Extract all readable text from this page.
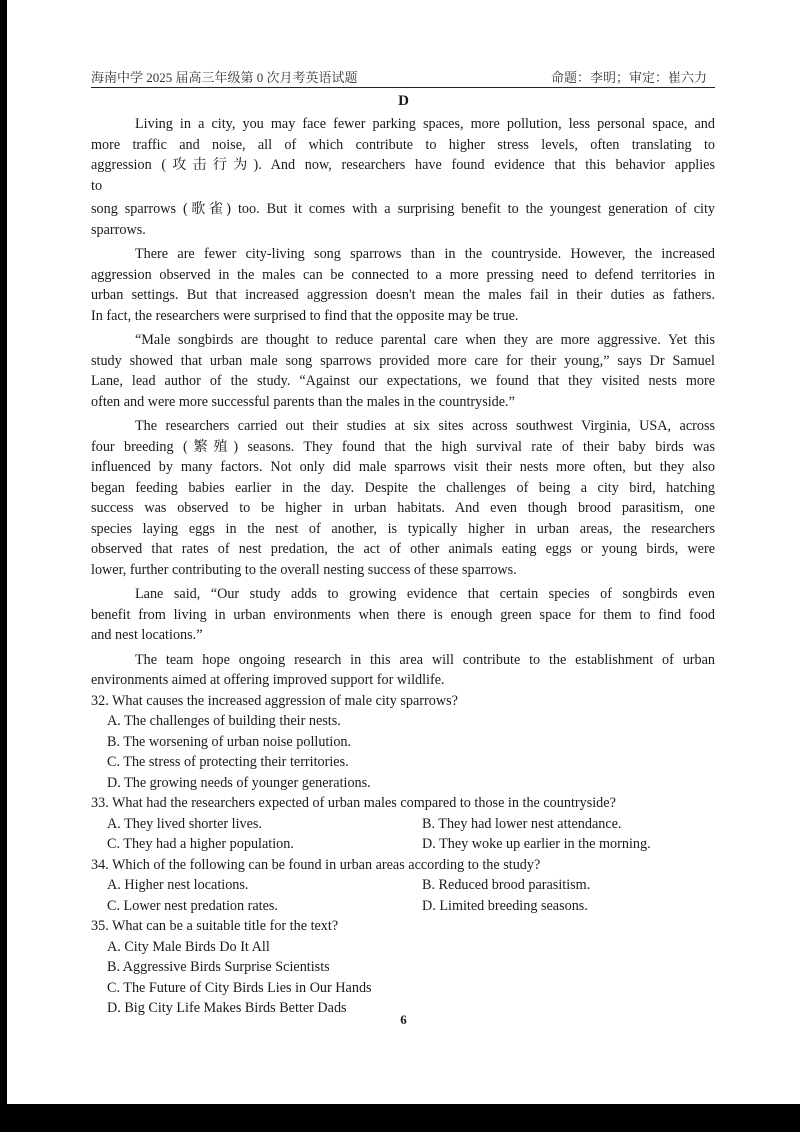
海南中学 2025 届高三年级第 0 次月考英语试题	命题：李明；审定：崔六力
D

Living in a city, you may face fewer parking spaces, more pollution, less personal space, and
more traffic and noise, all of which contribute to higher stress levels, often translating to
aggression (攻击行为). And now, researchers have found evidence that this behavior applies
to
song sparrows (歌雀) too. But it comes with a surprising benefit to the youngest generation of city
sparrows.

There are fewer city-living song sparrows than in the countryside. However, the increased
aggression observed in the males can be connected to a more pressing need to defend territories in
urban settings. But that increased aggression doesn't mean the males fail in their duties as fathers.
In fact, the researchers were surprised to find that the opposite may be true.

“Male songbirds are thought to reduce parental care when they are more aggressive. Yet this
study showed that urban male song sparrows provided more care for their young,” says Dr Samuel
Lane, lead author of the study. “Against our expectations, we found that they visited nests more
often and were more successful parents than the males in the countryside.”

The researchers carried out their studies at six sites across southwest Virginia, USA, across
four breeding (繁殖) seasons. They found that the high survival rate of their baby birds was
influenced by many factors. Not only did male sparrows visit their nests more often, but they also
began feeding babies earlier in the day. Despite the challenges of being a city bird, hatching
success was observed to be higher in urban habitats. And even though brood parasitism, one
species laying eggs in the nest of another, is typically higher in urban areas, the researchers
observed that rates of nest predation, the act of other animals eating eggs or young birds, were
lower, further contributing to the overall nesting success of these sparrows.

Lane said, “Our study adds to growing evidence that certain species of songbirds even
benefit from living in urban environments when there is enough green space for them to find food
and nest locations.”

The team hope ongoing research in this area will contribute to the establishment of urban
environments aimed at offering improved support for wildlife.

32. What causes the increased aggression of male city sparrows?
A. The challenges of building their nests.
B. The worsening of urban noise pollution.
C. The stress of protecting their territories.
D. The growing needs of younger generations.
33. What had the researchers expected of urban males compared to those in the countryside?
A. They lived shorter lives.	B. They had lower nest attendance.
C. They had a higher population.	D. They woke up earlier in the morning.
34. Which of the following can be found in urban areas according to the study?
A. Higher nest locations.	B. Reduced brood parasitism.
C. Lower nest predation rates.	D. Limited breeding seasons.
35. What can be a suitable title for the text?
A. City Male Birds Do It All
B. Aggressive Birds Surprise Scientists
C. The Future of City Birds Lies in Our Hands
D. Big City Life Makes Birds Better Dads
6
